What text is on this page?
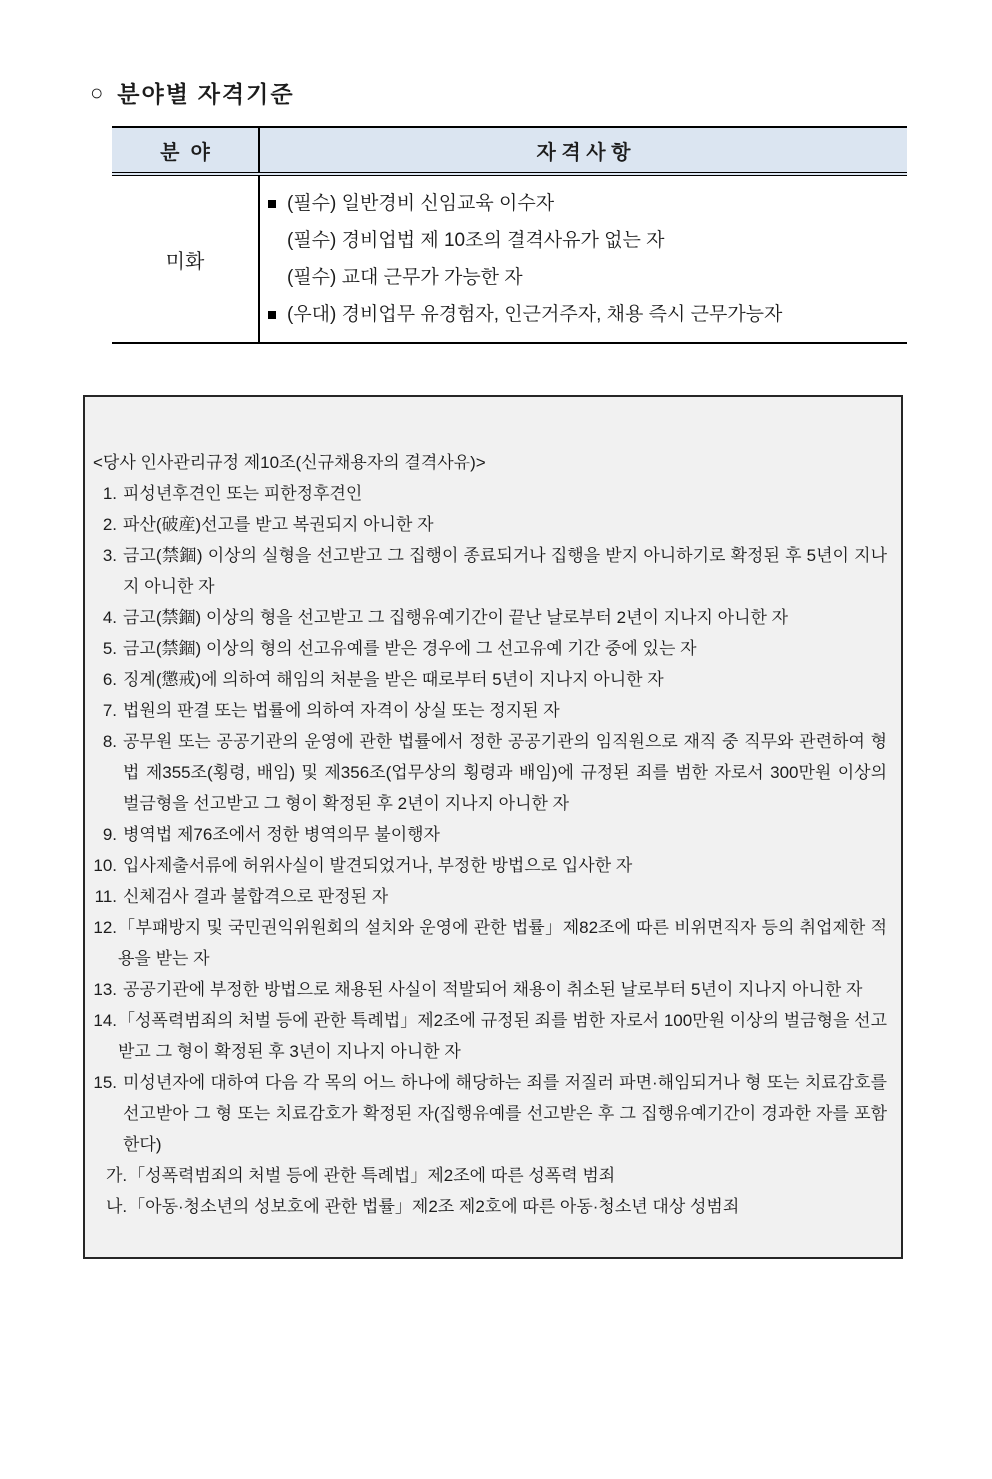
○ 분야별 자격기준
분  야	자 격 사 항
미화
(필수) 일반경비 신임교육 이수자
(필수) 경비업법 제 10조의 결격사유가 없는 자
(필수) 교대 근무가 가능한 자
(우대) 경비업무 유경험자, 인근거주자, 채용 즉시 근무가능자
<당사 인사관리규정 제10조(신규채용자의 결격사유)>
1. 피성년후견인 또는 피한정후견인
2. 파산(破産)선고를 받고 복권되지 아니한 자
3. 금고(禁錮) 이상의 실형을 선고받고 그 집행이 종료되거나 집행을 받지 아니하기로 확정된 후 5년이 지나지 아니한 자
4. 금고(禁錮) 이상의 형을 선고받고 그 집행유예기간이 끝난 날로부터 2년이 지나지 아니한 자
5. 금고(禁錮) 이상의 형의 선고유예를 받은 경우에 그 선고유예 기간 중에 있는 자
6. 징계(懲戒)에 의하여 해임의 처분을 받은 때로부터 5년이 지나지 아니한 자
7. 법원의 판결 또는 법률에 의하여 자격이 상실 또는 정지된 자
8. 공무원 또는 공공기관의 운영에 관한 법률에서 정한 공공기관의 임직원으로 재직 중 직무와 관련하여 형법 제355조(횡령, 배임) 및 제356조(업무상의 횡령과 배임)에 규정된 죄를 범한 자로서 300만원 이상의 벌금형을 선고받고 그 형이 확정된 후 2년이 지나지 아니한 자
9. 병역법 제76조에서 정한 병역의무 불이행자
10. 입사제출서류에 허위사실이 발견되었거나, 부정한 방법으로 입사한 자
11. 신체검사 결과 불합격으로 판정된 자
12. 「부패방지 및 국민권익위원회의 설치와 운영에 관한 법률」제82조에 따른 비위면직자 등의 취업제한 적용을 받는 자
13. 공공기관에 부정한 방법으로 채용된 사실이 적발되어 채용이 취소된 날로부터 5년이 지나지 아니한 자
14. 「성폭력범죄의 처벌 등에 관한 특례법」제2조에 규정된 죄를 범한 자로서 100만원 이상의 벌금형을 선고받고 그 형이 확정된 후 3년이 지나지 아니한 자
15. 미성년자에 대하여 다음 각 목의 어느 하나에 해당하는 죄를 저질러 파면·해임되거나 형 또는 치료감호를 선고받아 그 형 또는 치료감호가 확정된 자(집행유예를 선고받은 후 그 집행유예기간이 경과한 자를 포함한다)
가. 「성폭력범죄의 처벌 등에 관한 특례법」제2조에 따른 성폭력 범죄
나. 「아동·청소년의 성보호에 관한 법률」제2조 제2호에 따른 아동·청소년 대상 성범죄
